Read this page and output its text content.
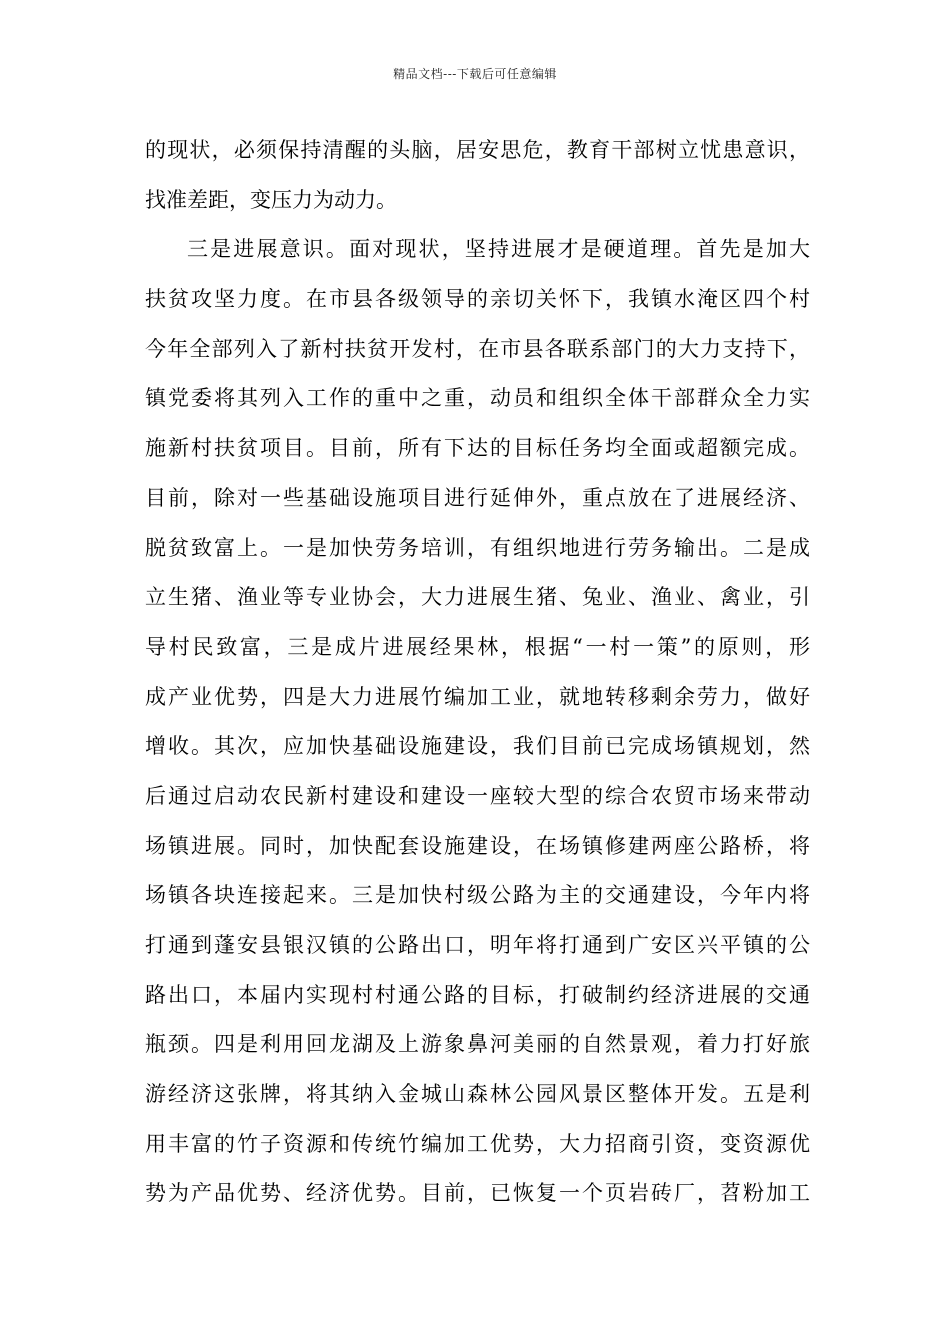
精品文档---下载后可任意编辑
的现状，必须保持清醒的头脑，居安思危，教育干部树立忧患意识，
找准差距，变压力为动力。
三是进展意识。面对现状，坚持进展才是硬道理。首先是加大
扶贫攻坚力度。在市县各级领导的亲切关怀下，我镇水淹区四个村
今年全部列入了新村扶贫开发村，在市县各联系部门的大力支持下，
镇党委将其列入工作的重中之重，动员和组织全体干部群众全力实
施新村扶贫项目。目前，所有下达的目标任务均全面或超额完成。
目前，除对一些基础设施项目进行延伸外，重点放在了进展经济、
脱贫致富上。一是加快劳务培训，有组织地进行劳务输出。二是成
立生猪、渔业等专业协会，大力进展生猪、兔业、渔业、禽业，引
导村民致富，三是成片进展经果林，根据“一村一策”的原则，形
成产业优势，四是大力进展竹编加工业，就地转移剩余劳力，做好
增收。其次，应加快基础设施建设，我们目前已完成场镇规划，然
后通过启动农民新村建设和建设一座较大型的综合农贸市场来带动
场镇进展。同时，加快配套设施建设，在场镇修建两座公路桥，将
场镇各块连接起来。三是加快村级公路为主的交通建设，今年内将
打通到蓬安县银汉镇的公路出口，明年将打通到广安区兴平镇的公
路出口，本届内实现村村通公路的目标，打破制约经济进展的交通
瓶颈。四是利用回龙湖及上游象鼻河美丽的自然景观，着力打好旅
游经济这张牌，将其纳入金城山森林公园风景区整体开发。五是利
用丰富的竹子资源和传统竹编加工优势，大力招商引资，变资源优
势为产品优势、经济优势。目前，已恢复一个页岩砖厂，苕粉加工
